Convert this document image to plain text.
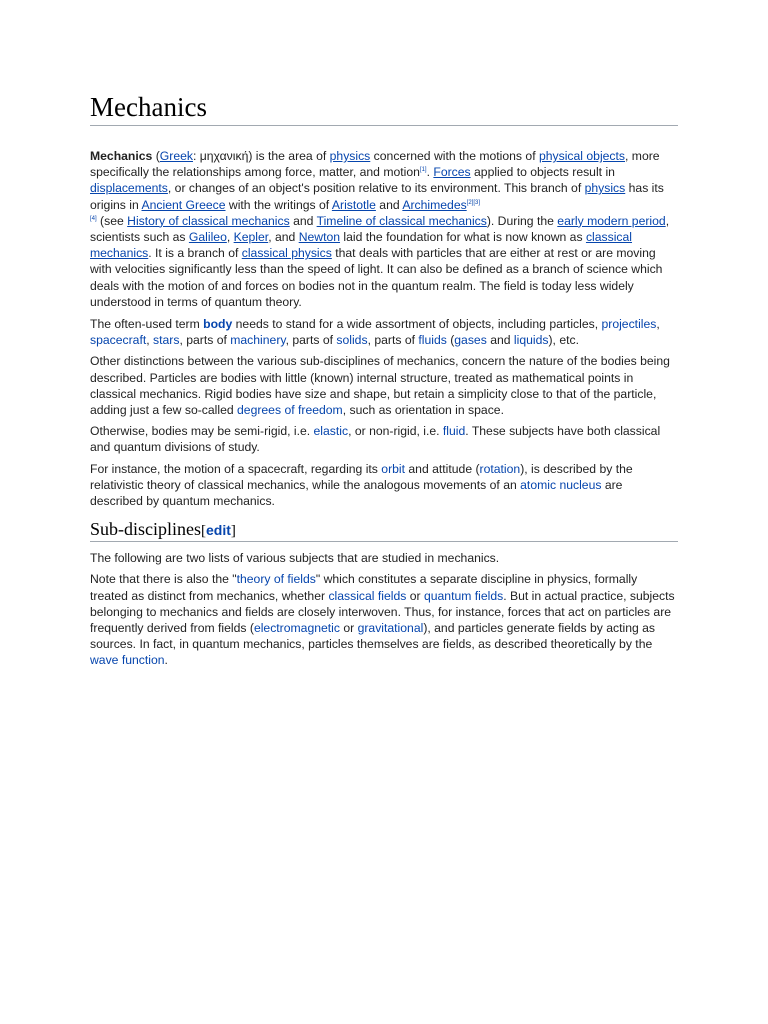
Mechanics

Mechanics (Greek: μηχανική) is the area of physics concerned with the motions of physical objects, more specifically the relationships among force, matter, and motion[1]. Forces applied to objects result in displacements, or changes of an object's position relative to its environment. This branch of physics has its origins in Ancient Greece with the writings of Aristotle and Archimedes[2][3]
[4] (see History of classical mechanics and Timeline of classical mechanics). During the early modern period, scientists such as Galileo, Kepler, and Newton laid the foundation for what is now known as classical mechanics. It is a branch of classical physics that deals with particles that are either at rest or are moving with velocities significantly less than the speed of light. It can also be defined as a branch of science which deals with the motion of and forces on bodies not in the quantum realm. The field is today less widely understood in terms of quantum theory.

The often-used term body needs to stand for a wide assortment of objects, including particles, projectiles, spacecraft, stars, parts of machinery, parts of solids, parts of fluids (gases and liquids), etc.

Other distinctions between the various sub-disciplines of mechanics, concern the nature of the bodies being described. Particles are bodies with little (known) internal structure, treated as mathematical points in classical mechanics. Rigid bodies have size and shape, but retain a simplicity close to that of the particle, adding just a few so-called degrees of freedom, such as orientation in space.

Otherwise, bodies may be semi-rigid, i.e. elastic, or non-rigid, i.e. fluid. These subjects have both classical and quantum divisions of study.

For instance, the motion of a spacecraft, regarding its orbit and attitude (rotation), is described by the relativistic theory of classical mechanics, while the analogous movements of an atomic nucleus are described by quantum mechanics.

Sub-disciplines[edit]

The following are two lists of various subjects that are studied in mechanics.

Note that there is also the "theory of fields" which constitutes a separate discipline in physics, formally treated as distinct from mechanics, whether classical fields or quantum fields. But in actual practice, subjects belonging to mechanics and fields are closely interwoven. Thus, for instance, forces that act on particles are frequently derived from fields (electromagnetic or gravitational), and particles generate fields by acting as sources. In fact, in quantum mechanics, particles themselves are fields, as described theoretically by the wave function.
